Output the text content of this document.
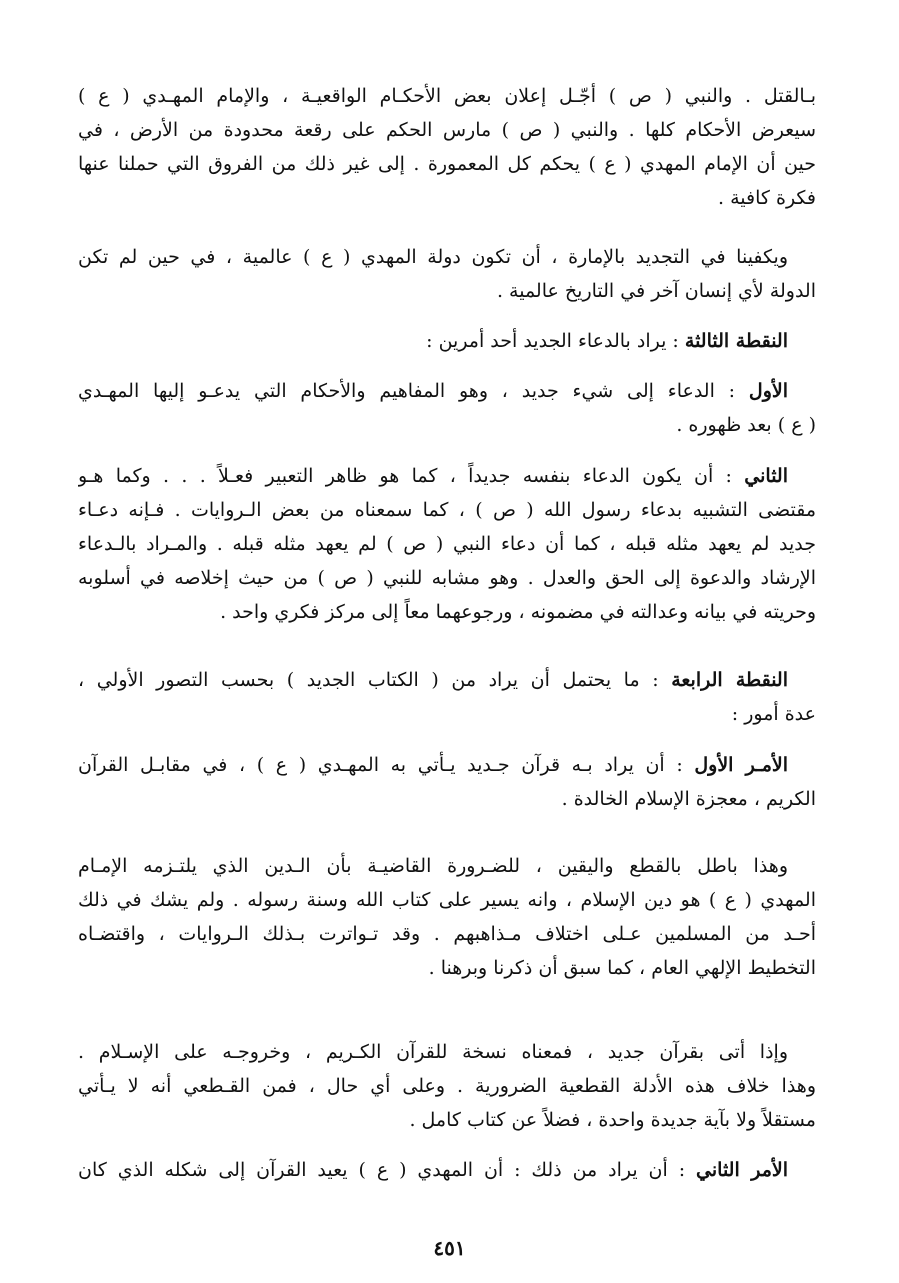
بـالقتل . والنبي ( ص ) أجّـل إعلان بعض الأحكـام الواقعيـة ، والإمام المهـدي ( ع )
سيعرض الأحكام كلها . والنبي ( ص ) مارس الحكم على رقعة محدودة من الأرض ، في
حين أن الإمام المهدي ( ع ) يحكم كل المعمورة . إلى غير ذلك من الفروق التي حملنا عنها
فكرة كافية .
ويكفينا في التجديد بالإمارة ، أن تكون دولة المهدي ( ع ) عالمية ، في حين لم تكن
الدولة لأي إنسان آخر في التاريخ عالمية .
النقطة الثالثة : يراد بالدعاء الجديد أحد أمرين :
الأول : الدعاء إلى شيء جديد ، وهو المفاهيم والأحكام التي يدعـو إليها المهـدي
( ع ) بعد ظهوره .
الثاني : أن يكون الدعاء بنفسه جديداً ، كما هو ظاهر التعبير فعـلاً . . . وكما هـو
مقتضى التشبيه بدعاء رسول الله ( ص ) ، كما سمعناه من بعض الـروايات . فـإنه دعـاء
جديد لم يعهد مثله قبله ، كما أن دعاء النبي ( ص ) لم يعهد مثله قبله . والمـراد بالـدعاء
الإرشاد والدعوة إلى الحق والعدل . وهو مشابه للنبي ( ص ) من حيث إخلاصه في أسلوبه
وحريته في بيانه وعدالته في مضمونه ، ورجوعهما معاً إلى مركز فكري واحد .
النقطة الرابعة : ما يحتمل أن يراد من ( الكتاب الجديد ) بحسب التصور الأولي ،
عدة أمور :
الأمـر الأول : أن يراد بـه قرآن جـديد يـأتي به المهـدي ( ع ) ، في مقابـل القرآن
الكريم ، معجزة الإسلام الخالدة .
وهذا باطل بالقطع واليقين ، للضـرورة القاضيـة بأن الـدين الذي يلتـزمه الإمـام
المهدي ( ع ) هو دين الإسلام ، وانه يسير على كتاب الله وسنة رسوله . ولم يشك في ذلك
أحـد من المسلمين عـلى اختلاف مـذاهبهم . وقد تـواترت بـذلك الـروايات ، واقتضـاه
التخطيط الإلهي العام ، كما سبق أن ذكرنا وبرهنا .
وإذا أتى بقرآن جديد ، فمعناه نسخة للقرآن الكـريم ، وخروجـه على الإسـلام .
وهذا خلاف هذه الأدلة القطعية الضرورية . وعلى أي حال ، فمن القـطعي أنه لا يـأتي
مستقلاً ولا بآية جديدة واحدة ، فضلاً عن كتاب كامل .
الأمر الثاني : أن يراد من ذلك : أن المهدي ( ع ) يعيد القرآن إلى شكله الذي كان
٤٥١
